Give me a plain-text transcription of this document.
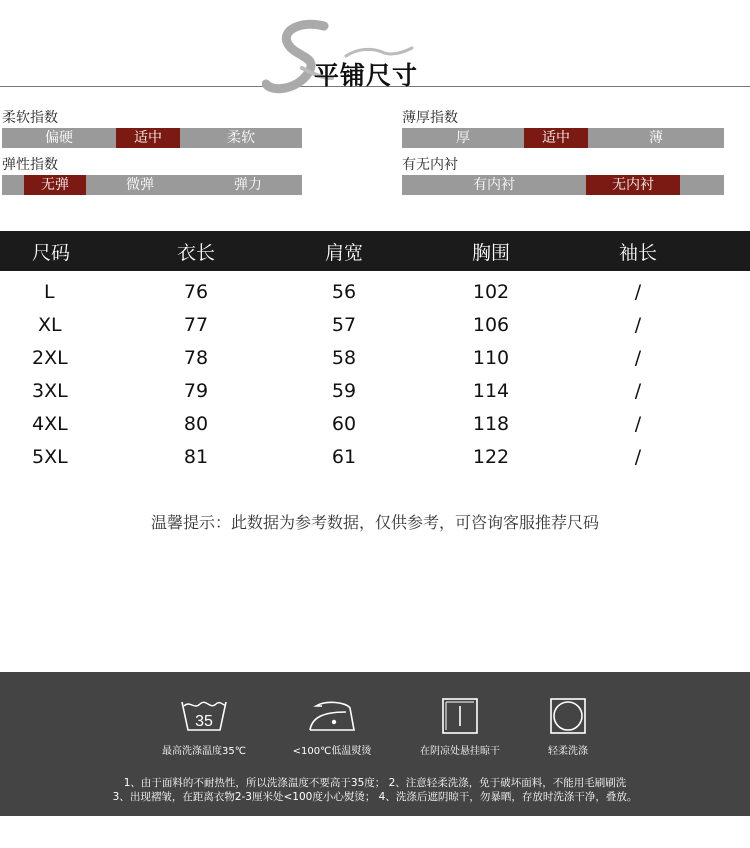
平铺尺寸
柔软指数
偏硬	适中	柔软
弹性指数
无弹	微弹	弹力
薄厚指数
厚	适中	薄
有无内衬
有内衬	无内衬
尺码	衣长	肩宽	胸围	袖长
L	76	56	102	/
XL	77	57	106	/
2XL	78	58	110	/
3XL	79	59	114	/
4XL	80	60	118	/
5XL	81	61	122	/
温馨提示：此数据为参考数据，仅供参考，可咨询客服推荐尺码
35
最高洗涤温度35℃	<100℃低温熨烫	在阴凉处悬挂晾干	轻柔洗涤
1、由于面料的不耐热性，所以洗涤温度不要高于35度； 2、注意轻柔洗涤，免于破坏面料，不能用毛刷刷洗
3、出现褶皱，在距离衣物2-3厘米处<100度小心熨烫； 4、洗涤后遮阴晾干，勿暴晒，存放时洗涤干净，叠放。
